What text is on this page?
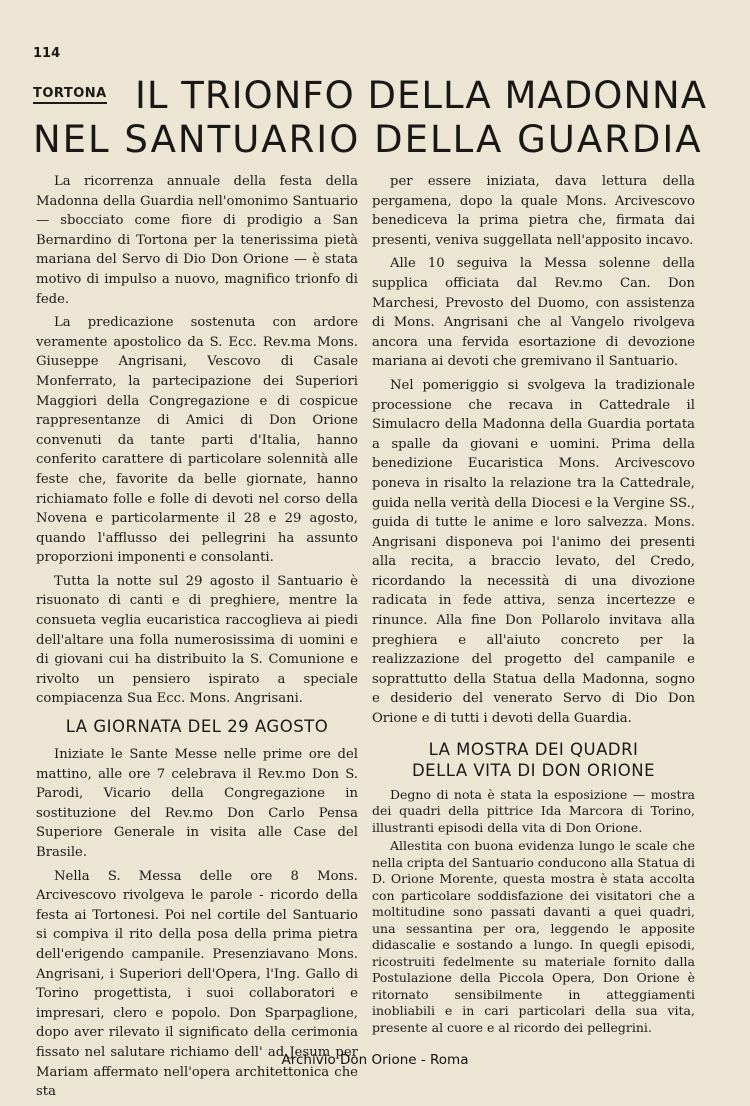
114
TORTONA IL TRIONFO DELLA MADONNA
NEL SANTUARIO DELLA GUARDIA

La ricorrenza annuale della festa della Madonna della Guardia nell'omonimo Santuario — sbocciato come fiore di prodigio a San Bernardino di Tortona per la tenerissima pietà mariana del Servo di Dio Don Orione — è stata motivo di impulso a nuovo, magnifico trionfo di fede.

La predicazione sostenuta con ardore veramente apostolico da S. Ecc. Rev.ma Mons. Giuseppe Angrisani, Vescovo di Casale Monferrato, la partecipazione dei Superiori Maggiori della Congregazione e di cospicue rappresentanze di Amici di Don Orione convenuti da tante parti d'Italia, hanno conferito carattere di particolare solennità alle feste che, favorite da belle giornate, hanno richiamato folle e folle di devoti nel corso della Novena e particolarmente il 28 e 29 agosto, quando l'afflusso dei pellegrini ha assunto proporzioni imponenti e consolanti.

Tutta la notte sul 29 agosto il Santuario è risuonato di canti e di preghiere, mentre la consueta veglia eucaristica raccoglieva ai piedi dell'altare una folla numerosissima di uomini e di giovani cui ha distribuito la S. Comunione e rivolto un pensiero ispirato a speciale compiacenza Sua Ecc. Mons. Angrisani.

LA GIORNATA DEL 29 AGOSTO

Iniziate le Sante Messe nelle prime ore del mattino, alle ore 7 celebrava il Rev.mo Don S. Parodi, Vicario della Congregazione in sostituzione del Rev.mo Don Carlo Pensa Superiore Generale in visita alle Case del Brasile.

Nella S. Messa delle ore 8 Mons. Arcivescovo rivolgeva le parole - ricordo della festa ai Tortonesi. Poi nel cortile del Santuario si compiva il rito della posa della prima pietra dell'erigendo campanile. Presenziavano Mons. Angrisani, i Superiori dell'Opera, l'Ing. Gallo di Torino progettista, i suoi collaboratori e impresari, clero e popolo. Don Sparpaglione, dopo aver rilevato il significato della cerimonia fissato nel salutare richiamo dell' ad Jesum per Mariam affermato nell'opera architettonica che sta

per essere iniziata, dava lettura della pergamena, dopo la quale Mons. Arcivescovo benediceva la prima pietra che, firmata dai presenti, veniva suggellata nell'apposito incavo.

Alle 10 seguiva la Messa solenne della supplica officiata dal Rev.mo Can. Don Marchesi, Prevosto del Duomo, con assistenza di Mons. Angrisani che al Vangelo rivolgeva ancora una fervida esortazione di devozione mariana ai devoti che gremivano il Santuario.

Nel pomeriggio si svolgeva la tradizionale processione che recava in Cattedrale il Simulacro della Madonna della Guardia portata a spalle da giovani e uomini. Prima della benedizione Eucaristica Mons. Arcivescovo poneva in risalto la relazione tra la Cattedrale, guida nella verità della Diocesi e la Vergine SS., guida di tutte le anime e loro salvezza. Mons. Angrisani disponeva poi l'animo dei presenti alla recita, a braccio levato, del Credo, ricordando la necessità di una divozione radicata in fede attiva, senza incertezze e rinunce. Alla fine Don Pollarolo invitava alla preghiera e all'aiuto concreto per la realizzazione del progetto del campanile e soprattutto della Statua della Madonna, sogno e desiderio del venerato Servo di Dio Don Orione e di tutti i devoti della Guardia.

LA MOSTRA DEI QUADRI
DELLA VITA DI DON ORIONE

Degno di nota è stata la esposizione — mostra dei quadri della pittrice Ida Marcora di Torino, illustranti episodi della vita di Don Orione.

Allestita con buona evidenza lungo le scale che nella cripta del Santuario conducono alla Statua di D. Orione Morente, questa mostra è stata accolta con particolare soddisfazione dei visitatori che a moltitudine sono passati davanti a quei quadri, una sessantina per ora, leggendo le apposite didascalie e sostando a lungo. In quegli episodi, ricostruiti fedelmente su materiale fornito dalla Postulazione della Piccola Opera, Don Orione è ritornato sensibilmente in atteggiamenti inobliabili e in cari particolari della sua vita, presente al cuore e al ricordo dei pellegrini.

Archivio Don Orione - Roma
